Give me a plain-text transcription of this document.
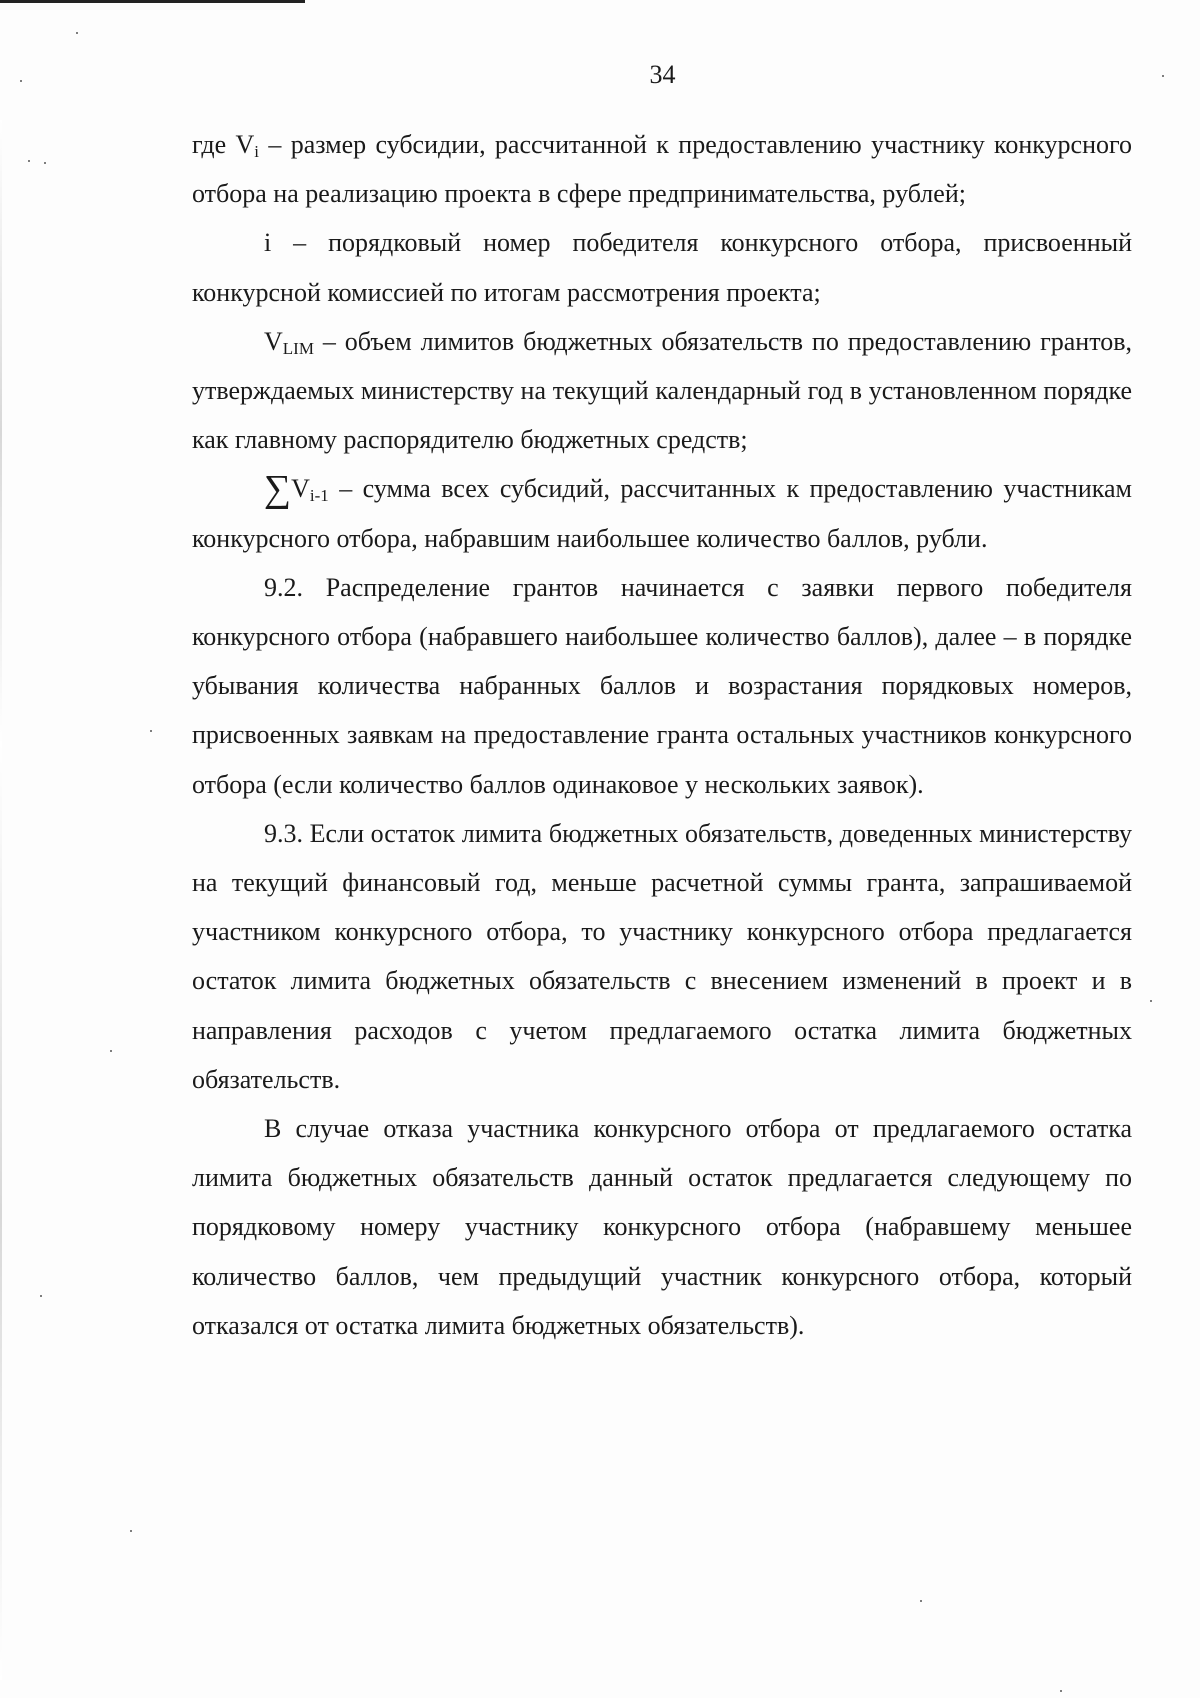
34

где $V_i$ – размер субсидии, рассчитанной к предоставлению участнику конкурсного отбора на реализацию проекта в сфере предпринимательства, рублей;

i – порядковый номер победителя конкурсного отбора, присвоенный конкурсной комиссией по итогам рассмотрения проекта;

$V_{LIM}$ – объем лимитов бюджетных обязательств по предоставлению грантов, утверждаемых министерству на текущий календарный год в установленном порядке как главному распорядителю бюджетных средств;

$\sum V_{i-1}$ – сумма всех субсидий, рассчитанных к предоставлению участникам конкурсного отбора, набравшим наибольшее количество баллов, рубли.

9.2. Распределение грантов начинается с заявки первого победителя конкурсного отбора (набравшего наибольшее количество баллов), далее – в порядке убывания количества набранных баллов и возрастания порядковых номеров, присвоенных заявкам на предоставление гранта остальных участников конкурсного отбора (если количество баллов одинаковое у нескольких заявок).

9.3. Если остаток лимита бюджетных обязательств, доведенных министерству на текущий финансовый год, меньше расчетной суммы гранта, запрашиваемой участником конкурсного отбора, то участнику конкурсного отбора предлагается остаток лимита бюджетных обязательств с внесением изменений в проект и в направления расходов с учетом предлагаемого остатка лимита бюджетных обязательств.

В случае отказа участника конкурсного отбора от предлагаемого остатка лимита бюджетных обязательств данный остаток предлагается следующему по порядковому номеру участнику конкурсного отбора (набравшему меньшее количество баллов, чем предыдущий участник конкурсного отбора, который отказался от остатка лимита бюджетных обязательств).
